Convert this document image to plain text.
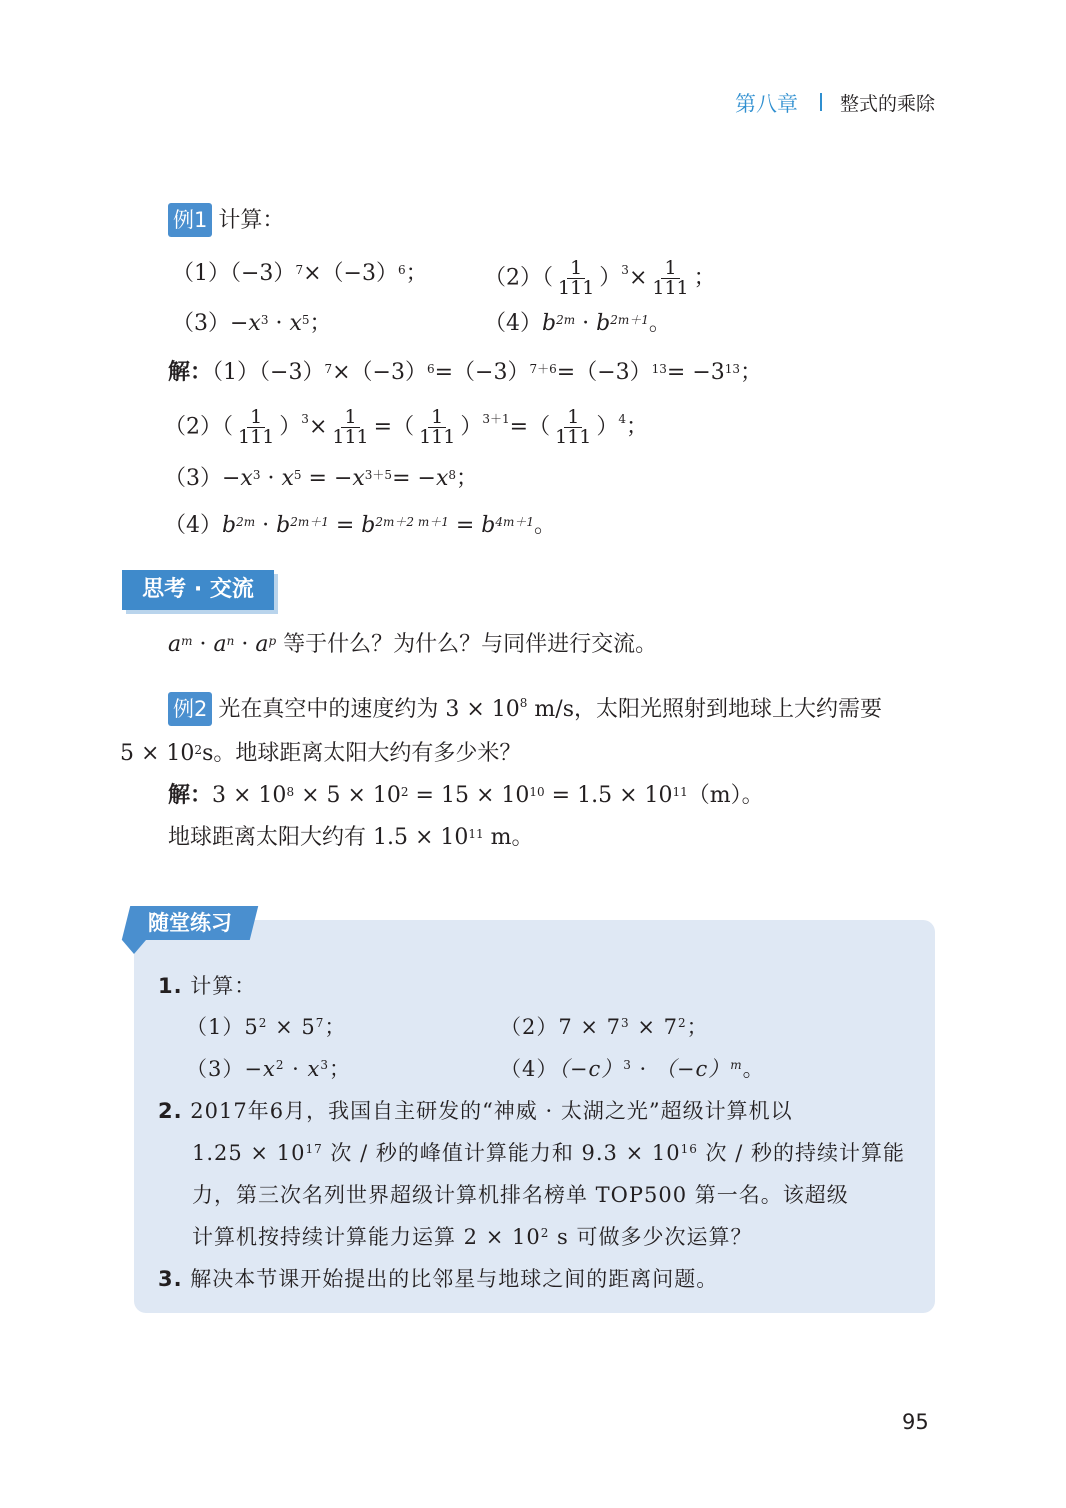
第八章 整式的乘除
例1 计算：
$(1)(-3)^7\times(-3)^6$；	$(2)( \frac{1}{111} )^3\times \frac{1}{111}$ ；
$(3)-x^3 \cdot x^5$；	$(4)b^{2m} \cdot b^{2m+1}$。
解：$(1)(-3)^7\times(-3)^6=(-3)^{7+6}=(-3)^{13}= -3^{13}$；
$(2)( \frac{1}{111} )^3\times \frac{1}{111}$ =（ $\frac{1}{111} )^{3+1}=( \frac{1}{111} )^4$；
$(3)-x^3 \cdot x^5 = -x^{3+5}= -x^8$；
$(4)b^{2m} \cdot b^{2m+1} = b^{2m+2 m+1} = b^{4m+1}$。
思考 · 交流
$a^m \cdot a^n \cdot a^p$ 等于什么？为什么？与同伴进行交流。
例2 光在真空中的速度约为 $3 \times 10^8$ m/s，太阳光照射到地球上大约需要
$5 \times 10^2s$。地球距离太阳大约有多少米？
解：$3 \times 10^8 \times 5 \times 10^2 = 15 \times 10^{10} = 1.5 \times 10^{11}(m)$。
地球距离太阳大约有 $1.5 \times 10^{11}$ m。
随堂练习
1. 计算：
$(1)5^2 \times 5^7$；	$(2)7 \times 7^3 \times 7^2$；
$(3)-x^2 \cdot x^3$；	$(4)(-c)^3 \cdot (-c)^m$。
2. 2017年6月，我国自主研发的“神威 · 太湖之光”超级计算机以
$1.25 \times 10^{17}$ 次 / 秒的峰值计算能力和 $9.3 \times 10^{16}$ 次 / 秒的持续计算能
力，第三次名列世界超级计算机排名榜单 TOP500 第一名。该超级
计算机按持续计算能力运算 $2 \times 10^2$ s 可做多少次运算？
3. 解决本节课开始提出的比邻星与地球之间的距离问题。
95
